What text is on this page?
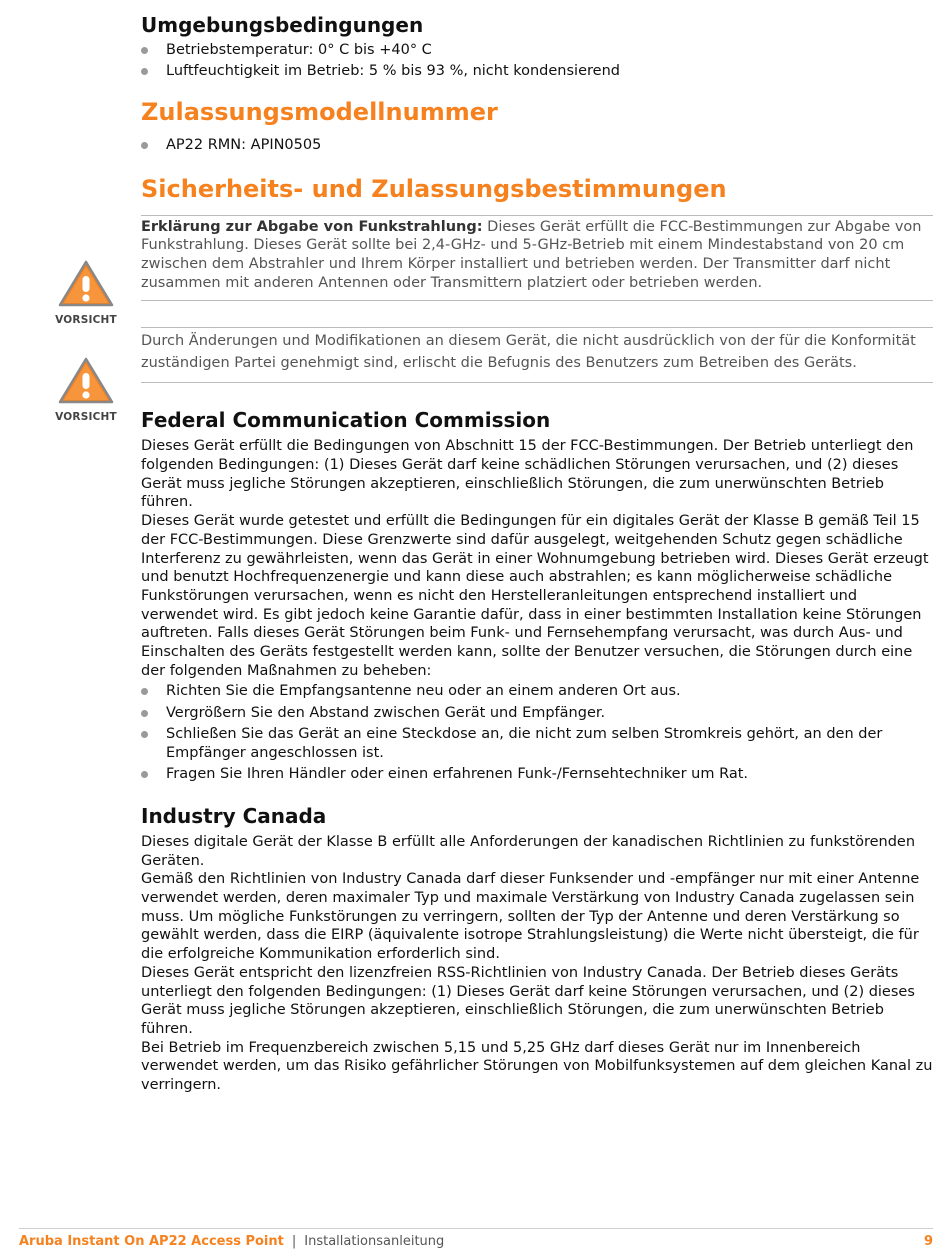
Umgebungsbedingungen
Betriebstemperatur: 0° C bis +40° C
Luftfeuchtigkeit im Betrieb: 5 % bis 93 %, nicht kondensierend
Zulassungsmodellnummer
AP22 RMN: APIN0505
Sicherheits- und Zulassungsbestimmungen
Erklärung zur Abgabe von Funkstrahlung: Dieses Gerät erfüllt die FCC-Bestimmungen zur Abgabe von Funkstrahlung. Dieses Gerät sollte bei 2,4-GHz- und 5-GHz-Betrieb mit einem Mindestabstand von 20 cm zwischen dem Abstrahler und Ihrem Körper installiert und betrieben werden. Der Transmitter darf nicht zusammen mit anderen Antennen oder Transmittern platziert oder betrieben werden.
Durch Änderungen und Modifikationen an diesem Gerät, die nicht ausdrücklich von der für die Konformität zuständigen Partei genehmigt sind, erlischt die Befugnis des Benutzers zum Betreiben des Geräts.
Federal Communication Commission

Dieses Gerät erfüllt die Bedingungen von Abschnitt 15 der FCC-Bestimmungen. Der Betrieb unterliegt den folgenden Bedingungen: (1) Dieses Gerät darf keine schädlichen Störungen verursachen, und (2) dieses Gerät muss jegliche Störungen akzeptieren, einschließlich Störungen, die zum unerwünschten Betrieb führen.

Dieses Gerät wurde getestet und erfüllt die Bedingungen für ein digitales Gerät der Klasse B gemäß Teil 15 der FCC-Bestimmungen. Diese Grenzwerte sind dafür ausgelegt, weitgehenden Schutz gegen schädliche Interferenz zu gewährleisten, wenn das Gerät in einer Wohnumgebung betrieben wird. Dieses Gerät erzeugt und benutzt Hochfrequenzenergie und kann diese auch abstrahlen; es kann möglicherweise schädliche Funkstörungen verursachen, wenn es nicht den Herstelleranleitungen entsprechend installiert und verwendet wird. Es gibt jedoch keine Garantie dafür, dass in einer bestimmten Installation keine Störungen auftreten. Falls dieses Gerät Störungen beim Funk- und Fernsehempfang verursacht, was durch Aus- und Einschalten des Geräts festgestellt werden kann, sollte der Benutzer versuchen, die Störungen durch eine der folgenden Maßnahmen zu beheben:

Richten Sie die Empfangsantenne neu oder an einem anderen Ort aus.
Vergrößern Sie den Abstand zwischen Gerät und Empfänger.
Schließen Sie das Gerät an eine Steckdose an, die nicht zum selben Stromkreis gehört, an den der Empfänger angeschlossen ist.
Fragen Sie Ihren Händler oder einen erfahrenen Funk-/Fernsehtechniker um Rat.
Industry Canada

Dieses digitale Gerät der Klasse B erfüllt alle Anforderungen der kanadischen Richtlinien zu funkstörenden Geräten.

Gemäß den Richtlinien von Industry Canada darf dieser Funksender und -empfänger nur mit einer Antenne verwendet werden, deren maximaler Typ und maximale Verstärkung von Industry Canada zugelassen sein muss. Um mögliche Funkstörungen zu verringern, sollten der Typ der Antenne und deren Verstärkung so gewählt werden, dass die EIRP (äquivalente isotrope Strahlungsleistung) die Werte nicht übersteigt, die für die erfolgreiche Kommunikation erforderlich sind.

Dieses Gerät entspricht den lizenzfreien RSS-Richtlinien von Industry Canada. Der Betrieb dieses Geräts unterliegt den folgenden Bedingungen: (1) Dieses Gerät darf keine Störungen verursachen, und (2) dieses Gerät muss jegliche Störungen akzeptieren, einschließlich Störungen, die zum unerwünschten Betrieb führen.

Bei Betrieb im Frequenzbereich zwischen 5,15 und 5,25 GHz darf dieses Gerät nur im Innenbereich verwendet werden, um das Risiko gefährlicher Störungen von Mobilfunksystemen auf dem gleichen Kanal zu verringern.

VORSICHT
VORSICHT
Aruba Instant On AP22 Access Point | Installationsanleitung	9
